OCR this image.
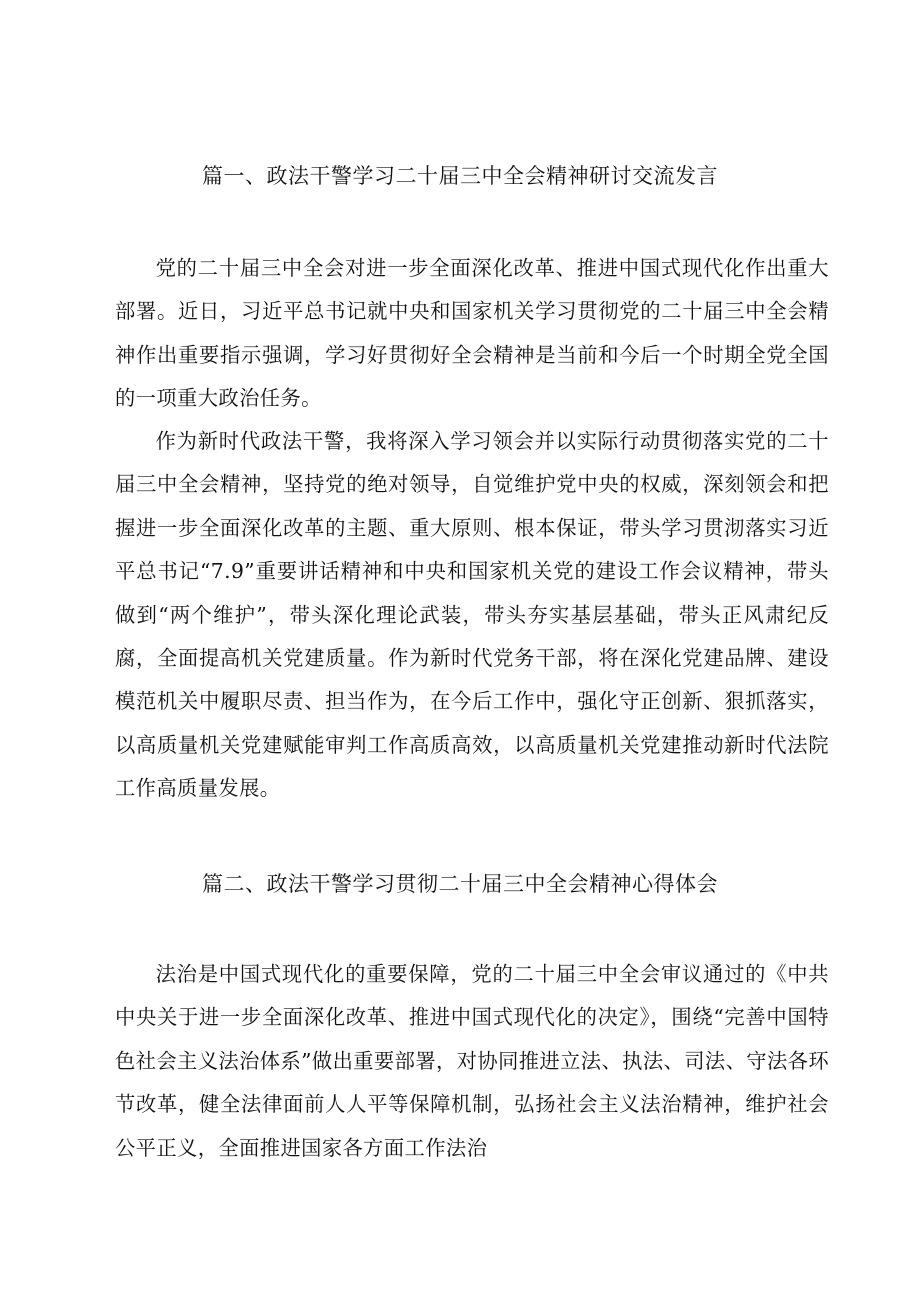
篇一、政法干警学习二十届三中全会精神研讨交流发言

党的二十届三中全会对进一步全面深化改革、推进中国式现代化作出重大部署。近日，习近平总书记就中央和国家机关学习贯彻党的二十届三中全会精神作出重要指示强调，学习好贯彻好全会精神是当前和今后一个时期全党全国的一项重大政治任务。

作为新时代政法干警，我将深入学习领会并以实际行动贯彻落实党的二十届三中全会精神，坚持党的绝对领导，自觉维护党中央的权威，深刻领会和把握进一步全面深化改革的主题、重大原则、根本保证，带头学习贯沏落实习近平总书记“7.9”重要讲话精神和中央和国家机关党的建设工作会议精神，带头做到“两个维护”，带头深化理论武装，带头夯实基层基础，带头正风肃纪反腐，全面提高机关党建质量。作为新时代党务干部，将在深化党建品牌、建设模范机关中履职尽责、担当作为，在今后工作中，强化守正创新、狠抓落实，以高质量机关党建赋能审判工作高质高效，以高质量机关党建推动新时代法院工作高质量发展。

篇二、政法干警学习贯彻二十届三中全会精神心得体会

法治是中国式现代化的重要保障，党的二十届三中全会审议通过的《中共中央关于进一步全面深化改革、推进中国式现代化的决定》，围绕“完善中国特色社会主义法治体系”做出重要部署，对协同推进立法、执法、司法、守法各环节改革，健全法律面前人人平等保障机制，弘扬社会主义法治精神，维护社会公平正义，全面推进国家各方面工作法治
